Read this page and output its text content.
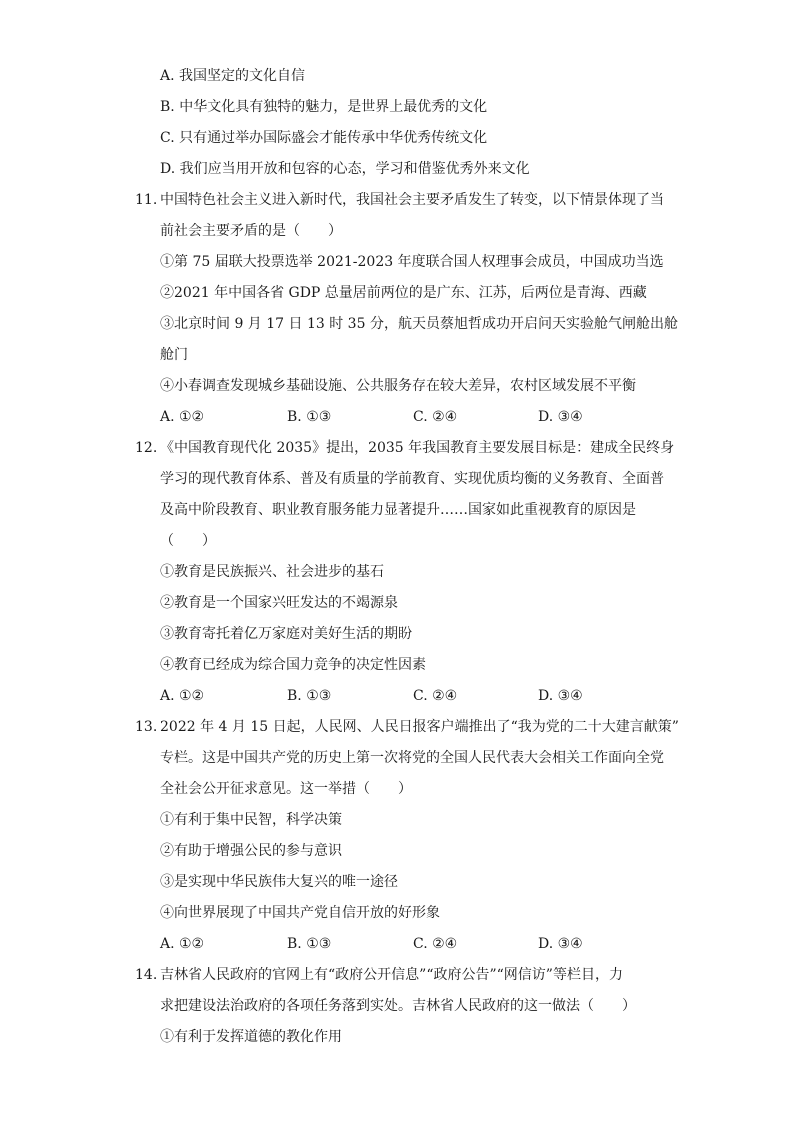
A. 我国坚定的文化自信
B. 中华文化具有独特的魅力，是世界上最优秀的文化
C. 只有通过举办国际盛会才能传承中华优秀传统文化
D. 我们应当用开放和包容的心态，学习和借鉴优秀外来文化
11. 中国特色社会主义进入新时代，我国社会主要矛盾发生了转变，以下情景体现了当
前社会主要矛盾的是（　　）
①第 75 届联大投票选举 2021-2023 年度联合国人权理事会成员，中国成功当选
②2021 年中国各省 GDP 总量居前两位的是广东、江苏，后两位是青海、西藏
③北京时间 9 月 17 日 13 时 35 分，航天员蔡旭哲成功开启问天实验舱气闸舱出舱
舱门
④小春调查发现城乡基础设施、公共服务存在较大差异，农村区域发展不平衡
A. ①②	B. ①③	C. ②④	D. ③④
12. 《中国教育现代化 2035》提出，2035 年我国教育主要发展目标是：建成全民终身
学习的现代教育体系、普及有质量的学前教育、实现优质均衡的义务教育、全面普
及高中阶段教育、职业教育服务能力显著提升……国家如此重视教育的原因是
（　　）
①教育是民族振兴、社会进步的基石
②教育是一个国家兴旺发达的不竭源泉
③教育寄托着亿万家庭对美好生活的期盼
④教育已经成为综合国力竞争的决定性因素
A. ①②	B. ①③	C. ②④	D. ③④
13. 2022 年 4 月 15 日起，人民网、人民日报客户端推出了“我为党的二十大建言献策”
专栏。这是中国共产党的历史上第一次将党的全国人民代表大会相关工作面向全党
全社会公开征求意见。这一举措（　　）
①有利于集中民智，科学决策
②有助于增强公民的参与意识
③是实现中华民族伟大复兴的唯一途径
④向世界展现了中国共产党自信开放的好形象
A. ①②	B. ①③	C. ②④	D. ③④
14. 吉林省人民政府的官网上有“政府公开信息”“政府公告”“网信访”等栏目，力
求把建设法治政府的各项任务落到实处。吉林省人民政府的这一做法（　　）
①有利于发挥道德的教化作用
